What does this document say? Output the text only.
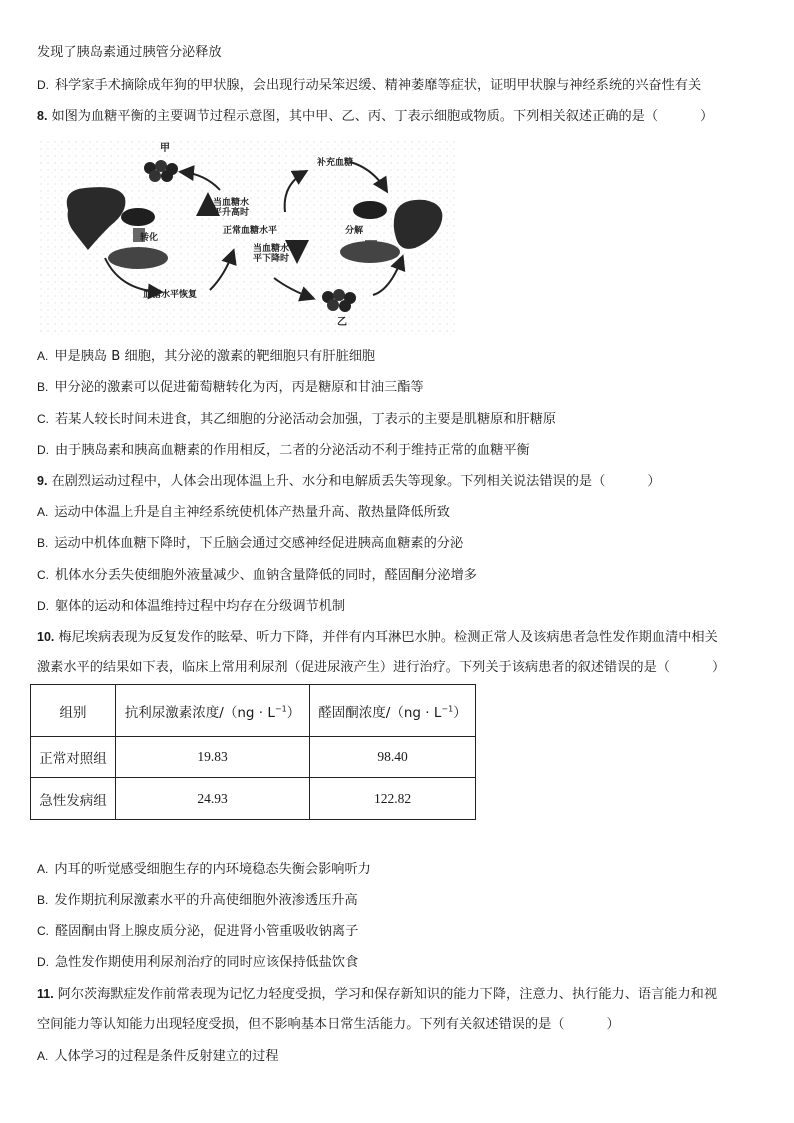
发现了胰岛素通过胰管分泌释放
D. 科学家手术摘除成年狗的甲状腺，会出现行动呆笨迟缓、精神萎靡等症状，证明甲状腺与神经系统的兴奋性有关
8. 如图为血糖平衡的主要调节过程示意图，其中甲、乙、丙、丁表示细胞或物质。下列相关叙述正确的是（	）
甲
乙
补充血糖
当血糖水
平升高时
正常血糖水平
当血糖水
平下降时
转化
分解
血糖水平恢复
A. 甲是胰岛 B 细胞，其分泌的激素的靶细胞只有肝脏细胞
B. 甲分泌的激素可以促进葡萄糖转化为丙，丙是糖原和甘油三酯等
C. 若某人较长时间未进食，其乙细胞的分泌活动会加强，丁表示的主要是肌糖原和肝糖原
D. 由于胰岛素和胰高血糖素的作用相反，二者的分泌活动不利于维持正常的血糖平衡
9. 在剧烈运动过程中，人体会出现体温上升、水分和电解质丢失等现象。下列相关说法错误的是（	）
A. 运动中体温上升是自主神经系统使机体产热量升高、散热量降低所致
B. 运动中机体血糖下降时，下丘脑会通过交感神经促进胰高血糖素的分泌
C. 机体水分丢失使细胞外液量减少、血钠含量降低的同时，醛固酮分泌增多
D. 躯体的运动和体温维持过程中均存在分级调节机制
10. 梅尼埃病表现为反复发作的眩晕、听力下降，并伴有内耳淋巴水肿。检测正常人及该病患者急性发作期血清中相关
激素水平的结果如下表，临床上常用利尿剂（促进尿液产生）进行治疗。下列关于该病患者的叙述错误的是（	）
组别	抗利尿激素浓度$/(ng \cdot L^{-1})$	醛固酮浓度$/(ng \cdot L^{-1})$
正常对照组	19.83	98.40
急性发病组	24.93	122.82
A. 内耳的听觉感受细胞生存的内环境稳态失衡会影响听力
B. 发作期抗利尿激素水平的升高使细胞外液渗透压升高
C. 醛固酮由肾上腺皮质分泌，促进肾小管重吸收钠离子
D. 急性发作期使用利尿剂治疗的同时应该保持低盐饮食
11. 阿尔茨海默症发作前常表现为记忆力轻度受损，学习和保存新知识的能力下降，注意力、执行能力、语言能力和视
空间能力等认知能力出现轻度受损，但不影响基本日常生活能力。下列有关叙述错误的是（	）
A. 人体学习的过程是条件反射建立的过程
